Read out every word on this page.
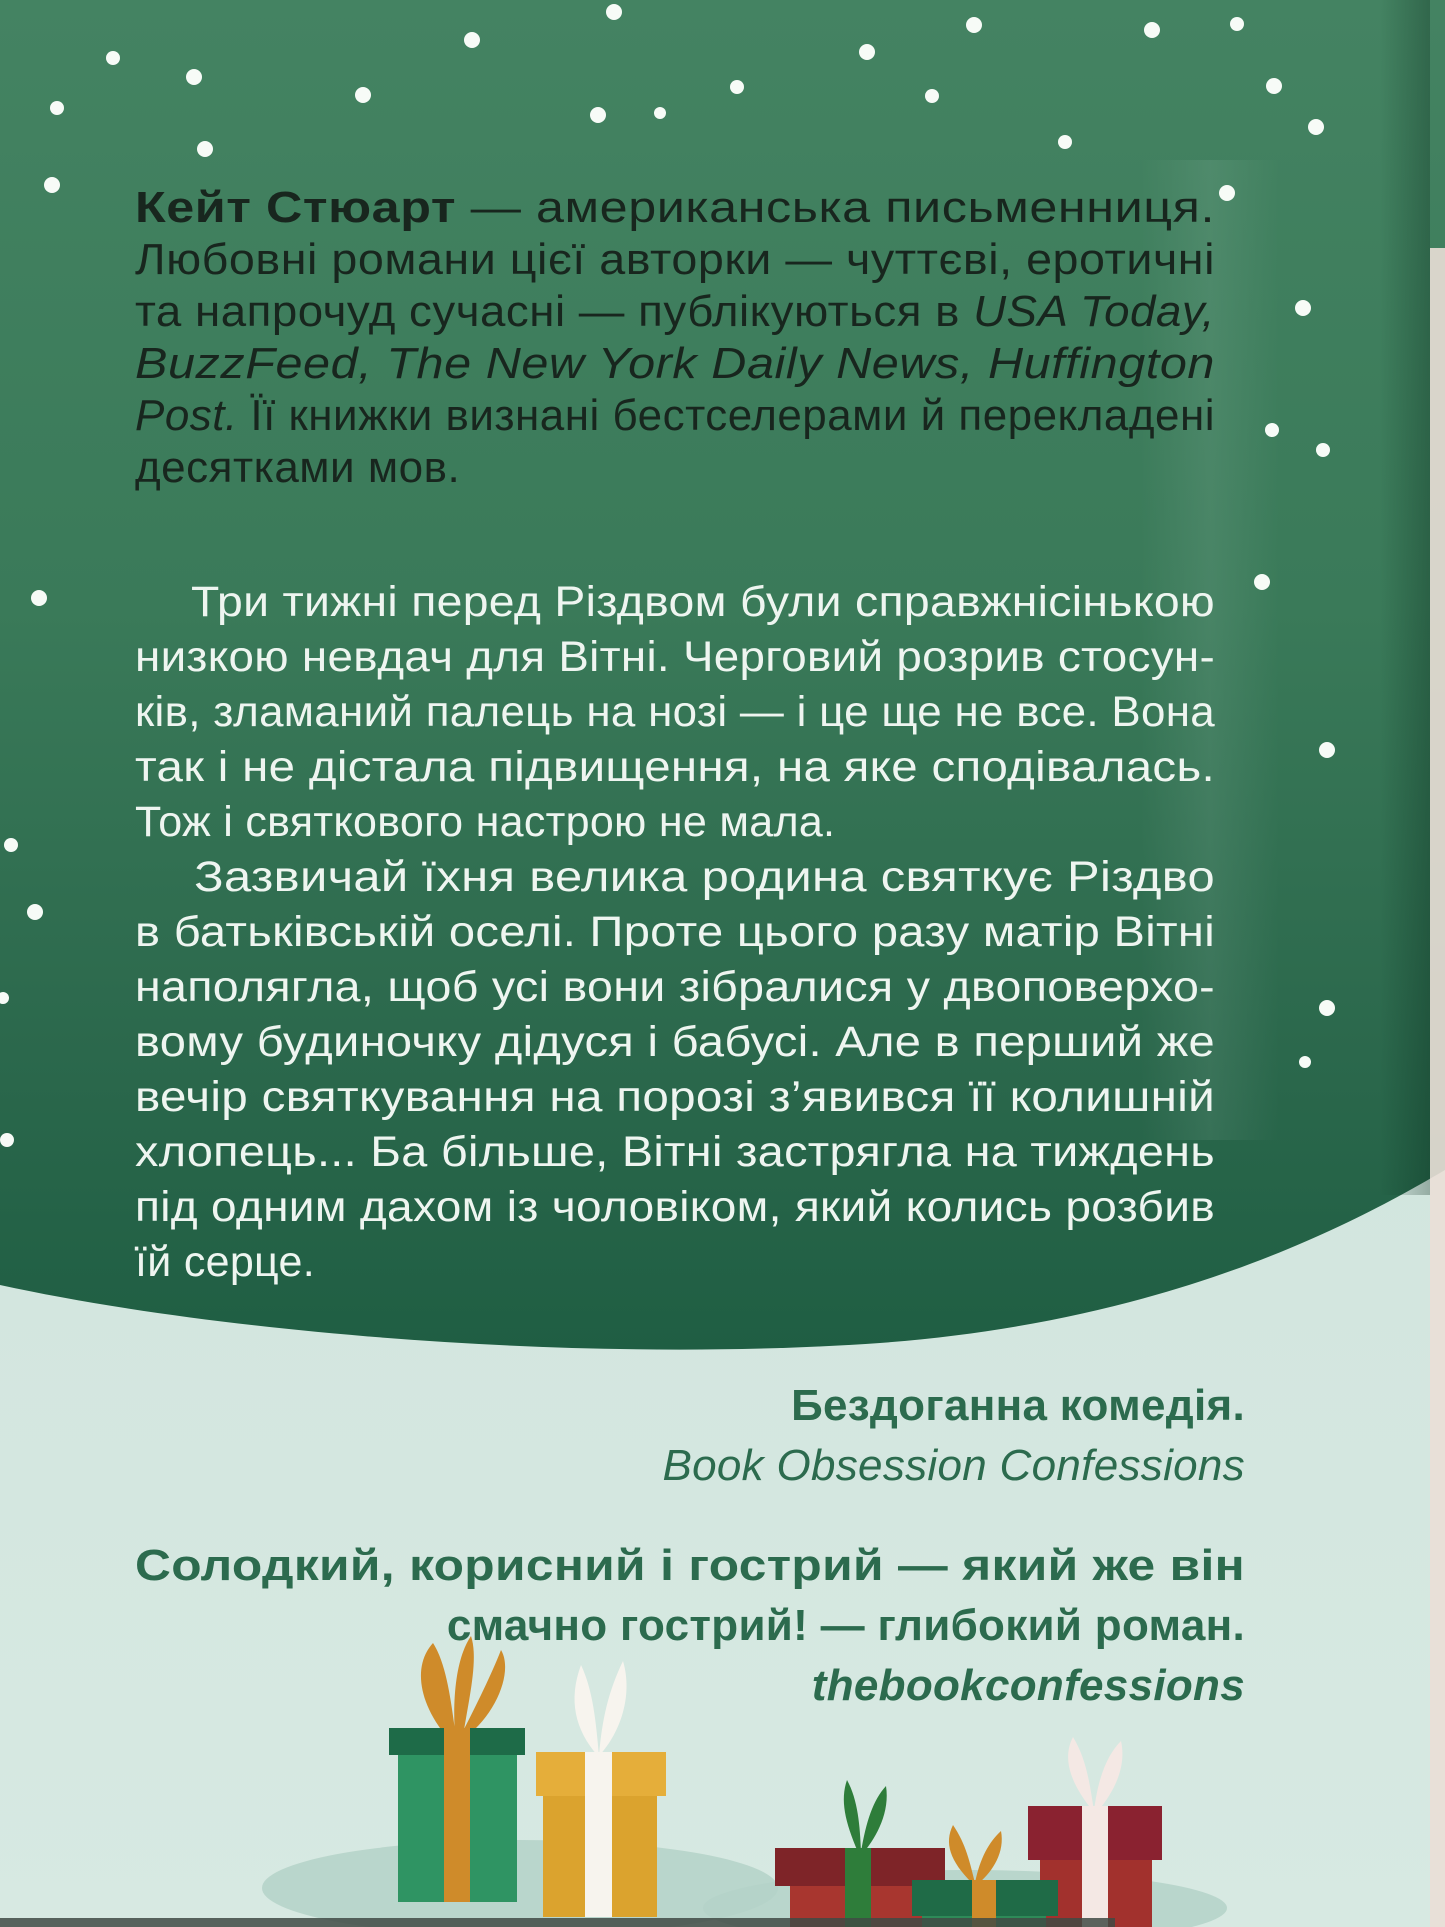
Кейт Стюарт — американська письменниця.
Любовні романи цієї авторки — чуттєві, еротичні
та напрочуд сучасні — публікуються в USA Today,
BuzzFeed, The New York Daily News, Huffington
Post. Її книжки визнані бестселерами й перекладені
десятками мов.
Три тижні перед Різдвом були справжнісінькою
низкою невдач для Вітні. Черговий розрив стосун-
ків, зламаний палець на нозі — і це ще не все. Вона
так і не дістала підвищення, на яке сподівалась.
Тож і святкового настрою не мала.
Зазвичай їхня велика родина святкує Різдво
в батьківській оселі. Проте цього разу матір Вітні
наполягла, щоб усі вони зібралися у двоповерхо-
вому будиночку дідуся і бабусі. Але в перший же
вечір святкування на порозі з’явився її колишній
хлопець... Ба більше, Вітні застрягла на тиждень
під одним дахом із чоловіком, який колись розбив
їй серце.
Бездоганна комедія.
Book Obsession Confessions
Солодкий, корисний і гострий — який же він
смачно гострий! — глибокий роман.
thebookconfessions
